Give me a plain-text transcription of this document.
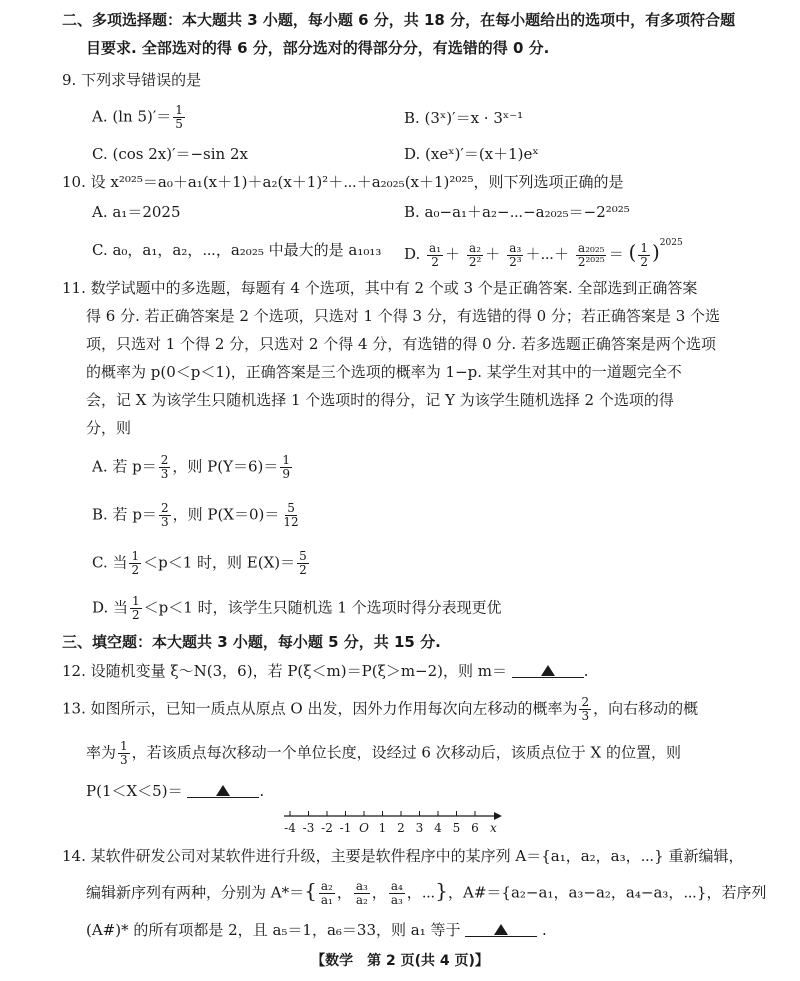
二、多项选择题：本大题共 3 小题，每小题 6 分，共 18 分，在每小题给出的选项中，有多项符合题
目要求. 全部选对的得 6 分，部分选对的得部分分，有选错的得 0 分.
9. 下列求导错误的是
A. (ln $5)'= \frac{1}{5}$	B. (3ˣ)′＝x · 3ˣ⁻¹
C. (cos 2x)′＝−sin 2x	D. (xeˣ)′＝(x＋1)eˣ
10. 设 x²⁰²⁵＝a₀＋a₁(x＋1)＋a₂(x＋1)²＋⋯＋a₂₀₂₅(x＋1)²⁰²⁵，则下列选项正确的是
A. a₁＝2025	B. a₀−a₁＋a₂−⋯−a₂₀₂₅＝−2²⁰²⁵
C. a₀，a₁，a₂，⋯，a₂₀₂₅ 中最大的是 a₁₀₁₃ D. $\frac{\text{a₁}}{2} + \frac{\text{a₂}}{\text{2²}} + \frac{\text{a₃}}{\text{2³}}$ ＋⋯＋ $\frac{\text{a₂₀₂₅}}{\text{2²⁰²⁵}}$ ＝ ( $\frac{1}{2} )^{2025}$
11. 数学试题中的多选题，每题有 4 个选项，其中有 2 个或 3 个是正确答案. 全部选到正确答案
得 6 分. 若正确答案是 2 个选项，只选对 1 个得 3 分，有选错的得 0 分；若正确答案是 3 个选
项，只选对 1 个得 2 分，只选对 2 个得 4 分，有选错的得 0 分. 若多选题正确答案是两个选项
的概率为 p(0＜p＜1)，正确答案是三个选项的概率为 1−p. 某学生对其中的一道题完全不
会，记 X 为该学生只随机选择 1 个选项时的得分，记 Y 为该学生随机选择 2 个选项的得
分，则
A. 若 $p= \frac{2}{3}$ ，则 $P(Y=6)= \frac{1}{9}$
B. 若 $p= \frac{2}{3}$ ，则 $P(X=0)= \frac{5}{12}$
C. 当 $\frac{1}{2} <p<1$ 时，则 $E(X)= \frac{5}{2}$
D. 当 $\frac{1}{2} <p<1$ 时，该学生只随机选 1 个选项时得分表现更优
三、填空题：本大题共 3 小题，每小题 5 分，共 15 分.
12. 设随机变量 ξ～N(3，6)，若 P(ξ＜m)＝P(ξ＞m−2)，则 m＝	.
13. 如图所示，已知一质点从原点 O 出发，因外力作用每次向左移动的概率为 $\frac{2}{3}$ ，向右移动的概
率为 $\frac{1}{3}$ ，若该质点每次移动一个单位长度，设经过 6 次移动后，该质点位于 X 的位置，则
P(1＜X＜5)＝	.
-4 -3 -2 -1 O 1 2 3 4 5 6 x
14. 某软件研发公司对某软件进行升级，主要是软件程序中的某序列 A＝{a₁，a₂，a₃，⋯} 重新编辑，
编辑新序列有两种，分别为 $A*=\{ \frac{\text{a₂}}{\text{a₁}}$ ， $\frac{\text{a₃}}{\text{a₂}}$ ， $\frac{\text{a₄}}{\text{a₃}}$ ，⋯}，A#＝{a₂−a₁，a₃−a₂，a₄−a₃，⋯}，若序列
(A#)* 的所有项都是 2，且 a₅＝1，a₆＝33，则 a₁ 等于	.
【数学　第 2 页(共 4 页)】
